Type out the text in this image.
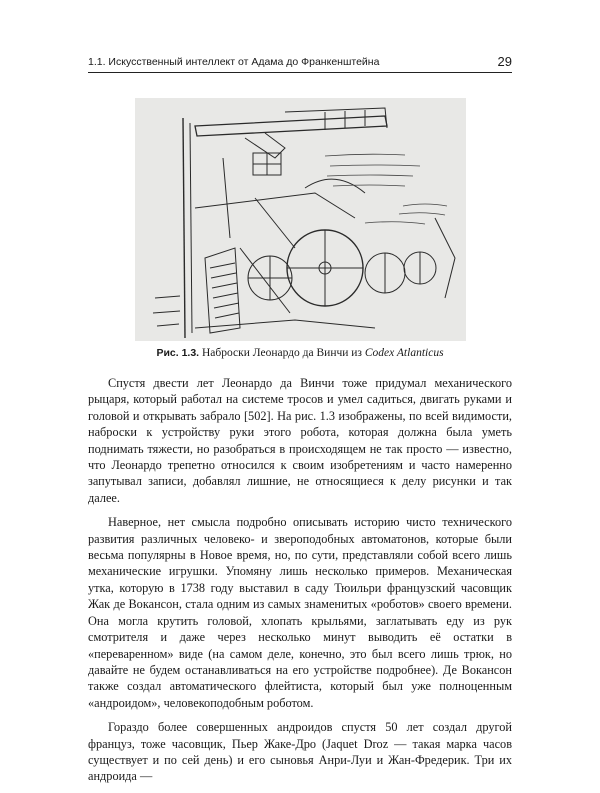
1.1. Искусственный интеллект от Адама до Франкенштейна	29
Рис. 1.3. Наброски Леонардо да Винчи из Codex Atlanticus

Спустя двести лет Леонардо да Винчи тоже придумал механического рыцаря, который работал на системе тросов и умел садиться, двигать руками и головой и открывать забрало [502]. На рис. 1.3 изображены, по всей видимости, наброски к устройству руки этого робота, которая должна была уметь поднимать тяжести, но разобраться в происходящем не так просто — известно, что Леонардо трепетно относился к своим изобретениям и часто намеренно запутывал записи, добавлял лишние, не относящиеся к делу рисунки и так далее.

Наверное, нет смысла подробно описывать историю чисто технического развития различных человеко- и звероподобных автоматонов, которые были весьма популярны в Новое время, но, по сути, представляли собой всего лишь механические игрушки. Упомяну лишь несколько примеров. Механическая утка, которую в 1738 году выставил в саду Тюильри французский часовщик Жак де Вокансон, стала одним из самых знаменитых «роботов» своего времени. Она могла крутить головой, хлопать крыльями, заглатывать еду из рук смотрителя и даже через несколько минут выводить её остатки в «переваренном» виде (на самом деле, конечно, это был всего лишь трюк, но давайте не будем останавливаться на его устройстве подробнее). Де Вокансон также создал автоматического флейтиста, который был уже полноценным «андроидом», человекоподобным роботом.

Гораздо более совершенных андроидов спустя 50 лет создал другой француз, тоже часовщик, Пьер Жаке-Дро (Jaquet Droz — такая марка часов существует и по сей день) и его сыновья Анри-Луи и Жан-Фредерик. Три их андроида —
